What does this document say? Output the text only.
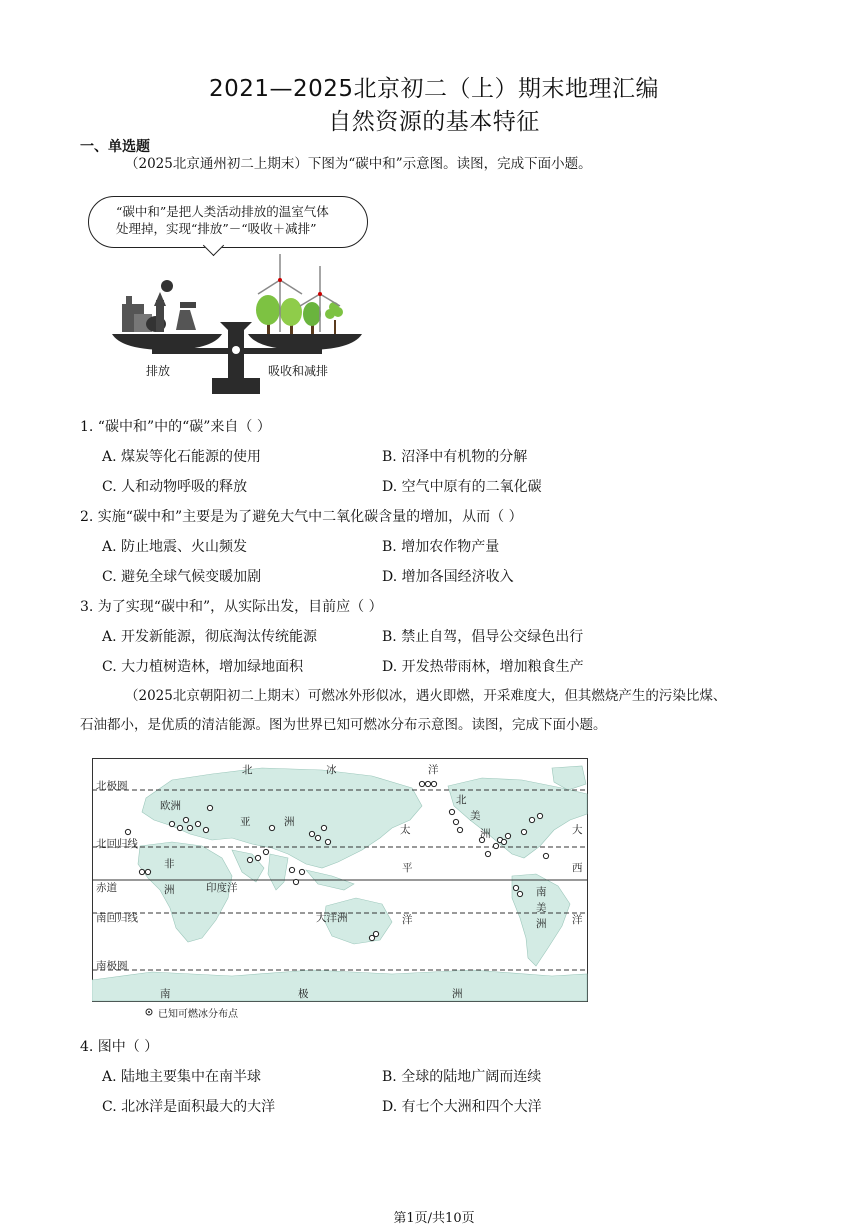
2021—2025北京初二（上）期末地理汇编
自然资源的基本特征
一、单选题
（2025北京通州初二上期末）下图为“碳中和”示意图。读图，完成下面小题。
“碳中和”是把人类活动排放的温室气体
处理掉，实现“排放”－“吸收＋减排”
排放	吸收和减排
1. “碳中和”中的“碳”来自（ ）
A. 煤炭等化石能源的使用	B. 沼泽中有机物的分解
C. 人和动物呼吸的释放	D. 空气中原有的二氧化碳
2. 实施“碳中和”主要是为了避免大气中二氧化碳含量的增加，从而（ ）
A. 防止地震、火山频发	B. 增加农作物产量
C. 避免全球气候变暖加剧	D. 增加各国经济收入
3. 为了实现“碳中和”，从实际出发，目前应（ ）
A. 开发新能源，彻底淘汰传统能源	B. 禁止自驾，倡导公交绿色出行
C. 大力植树造林，增加绿地面积	D. 开发热带雨林，增加粮食生产
（2025北京朝阳初二上期末）可燃冰外形似冰，遇火即燃，开采难度大，但其燃烧产生的污染比煤、
石油都小，是优质的清洁能源。图为世界已知可燃冰分布示意图。读图，完成下面小题。
北极圈
北回归线
赤道
南回归线
南极圈
北	冰	洋
欧洲
亚	洲
非
洲	印度洋
大洋洲
太
平
洋
北
美
洲
南
美
洲
大
西
洋
南	极	洲
已知可燃冰分布点
4. 图中（ ）
A. 陆地主要集中在南半球	B. 全球的陆地广阔而连续
C. 北冰洋是面积最大的大洋	D. 有七个大洲和四个大洋
第1页/共10页
